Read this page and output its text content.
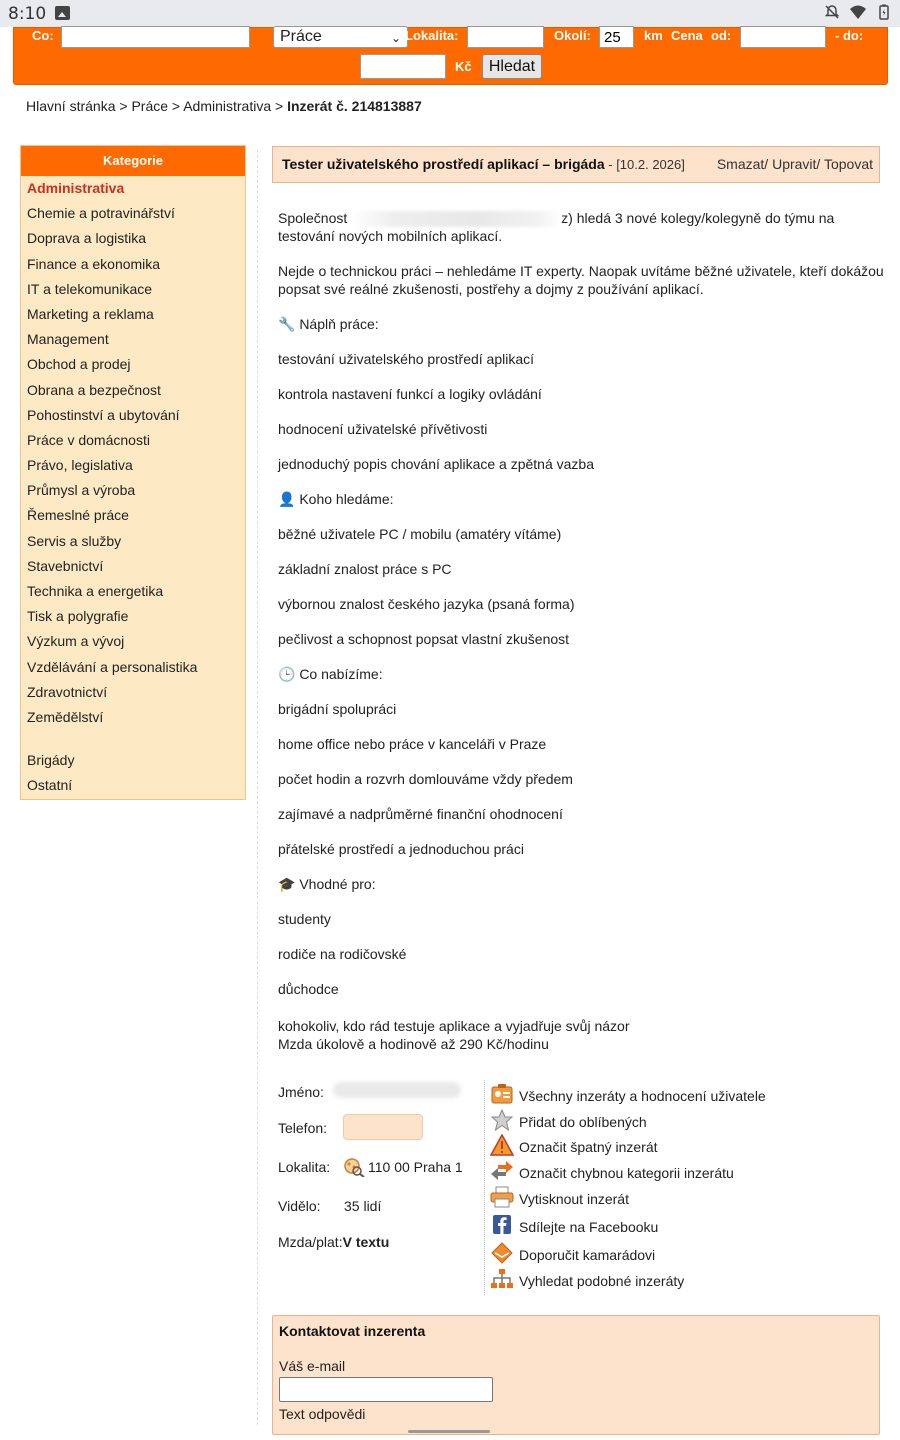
8:10
Co:	Práce	⌄ Lokalita:	Okolí:
25	km Cena od:	- do:
Kč	Hledat
Hlavní stránka > Práce > Administrativa > Inzerát č. 214813887
Kategorie
Administrativa
Chemie a potravinářství
Doprava a logistika
Finance a ekonomika
IT a telekomunikace
Marketing a reklama
Management
Obchod a prodej
Obrana a bezpečnost
Pohostinství a ubytování
Práce v domácnosti
Právo, legislativa
Průmysl a výroba
Řemeslné práce
Servis a služby
Stavebnictví
Technika a energetika
Tisk a polygrafie
Výzkum a vývoj
Vzdělávání a personalistika
Zdravotnictví
Zemědělství
Brigády
Ostatní
Tester uživatelského prostředí aplikací – brigáda - [10.2. 2026] Smazat/ Upravit/ Topovat

Společnost	z) hledá 3 nové kolegy/kolegyně do týmu na

testování nových mobilních aplikací.

Nejde o technickou práci – nehledáme IT experty. Naopak uvítáme běžné uživatele, kteří dokážou

popsat své reálné zkušenosti, postřehy a dojmy z používání aplikací.

🔧 Náplň práce:

testování uživatelského prostředí aplikací

kontrola nastavení funkcí a logiky ovládání

hodnocení uživatelské přívětivosti

jednoduchý popis chování aplikace a zpětná vazba

👤 Koho hledáme:

běžné uživatele PC / mobilu (amatéry vítáme)

základní znalost práce s PC

výbornou znalost českého jazyka (psaná forma)

pečlivost a schopnost popsat vlastní zkušenost

🕒 Co nabízíme:

brigádní spolupráci

home office nebo práce v kanceláři v Praze

počet hodin a rozvrh domlouváme vždy předem

zajímavé a nadprůměrné finanční ohodnocení

přátelské prostředí a jednoduchou práci

🎓 Vhodné pro:

studenty

rodiče na rodičovské

důchodce

kohokoliv, kdo rád testuje aplikace a vyjadřuje svůj názor

Mzda úkolově a hodinově až 290 Kč/hodinu

Jméno:
Telefon:
Lokalita:	110 00 Praha 1
Vidělo: 35 lidí
Mzda/plat:V textu
Všechny inzeráty a hodnocení uživatele
Přidat do oblíbených
Označit špatný inzerát
Označit chybnou kategorii inzerátu
Vytisknout inzerát
Sdílejte na Facebooku
Doporučit kamarádovi
Vyhledat podobné inzeráty
Kontaktovat inzerenta
Váš e-mail
Text odpovědi
